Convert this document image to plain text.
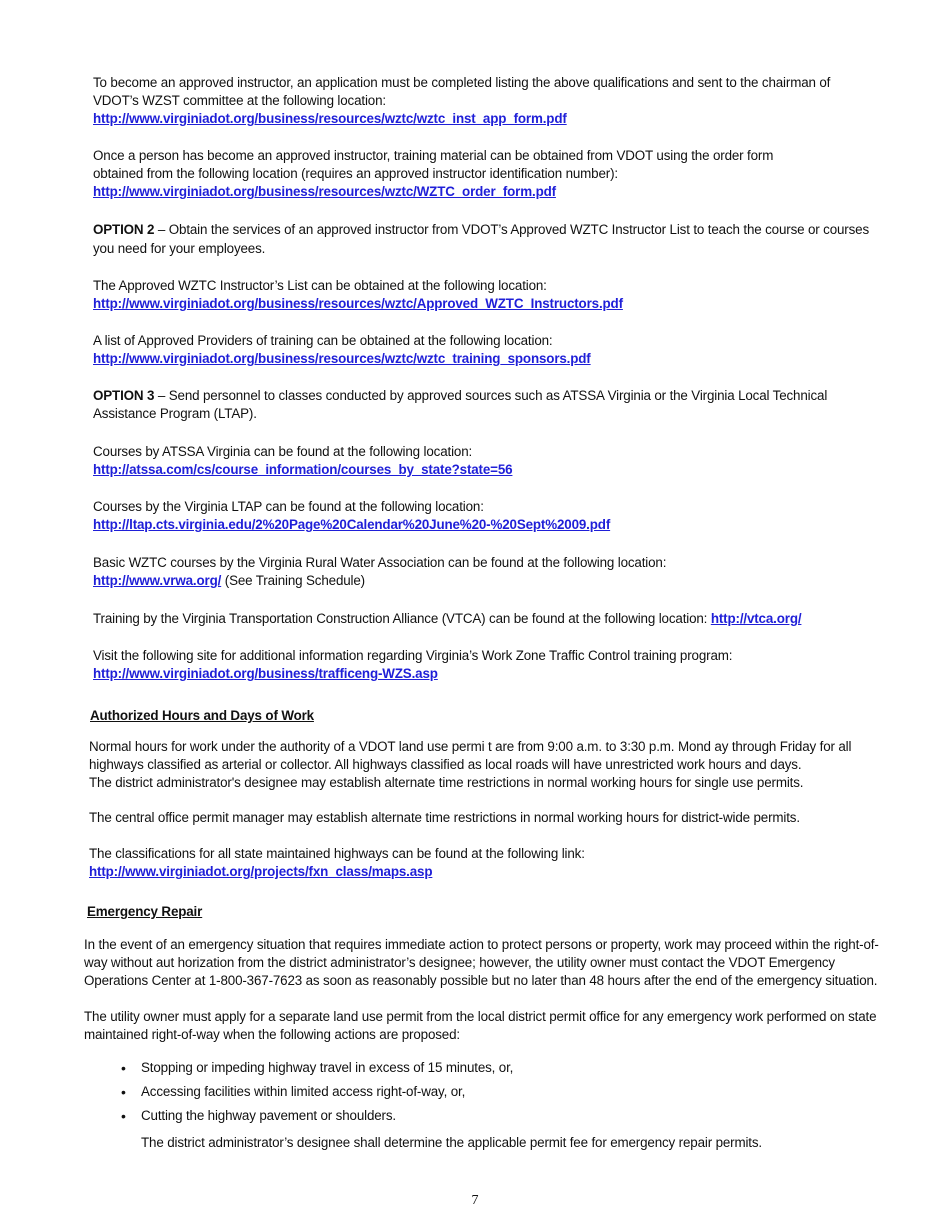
To become an approved instructor, an application must be completed listing the above qualifications and sent to the chairman of
VDOT’s WZST committee at the following location:
http://www.virginiadot.org/business/resources/wztc/wztc_inst_app_form.pdf
Once a person has become an approved instructor, training material can be obtained from VDOT using the order form
obtained from the following location (requires an approved instructor identification number):
http://www.virginiadot.org/business/resources/wztc/WZTC_order_form.pdf
OPTION 2 – Obtain the services of an approved instructor from VDOT’s Approved WZTC Instructor List to teach the course or courses
you need for your employees.
The Approved WZTC Instructor’s List can be obtained at the following location:
http://www.virginiadot.org/business/resources/wztc/Approved_WZTC_Instructors.pdf
A list of Approved Providers of training can be obtained at the following location:
http://www.virginiadot.org/business/resources/wztc/wztc_training_sponsors.pdf
OPTION 3 – Send personnel to classes conducted by approved sources such as ATSSA Virginia or the Virginia Local Technical
Assistance Program (LTAP).
Courses by ATSSA Virginia can be found at the following location:
http://atssa.com/cs/course_information/courses_by_state?state=56
Courses by the Virginia LTAP can be found at the following location:
http://ltap.cts.virginia.edu/2%20Page%20Calendar%20June%20-%20Sept%2009.pdf
Basic WZTC courses by the Virginia Rural Water Association can be found at the following location:
http://www.vrwa.org/ (See Training Schedule)
Training by the Virginia Transportation Construction Alliance (VTCA) can be found at the following location: http://vtca.org/
Visit the following site for additional information regarding Virginia’s Work Zone Traffic Control training program:
http://www.virginiadot.org/business/trafficeng-WZS.asp
Authorized Hours and Days of Work
Normal hours for work under the authority of a VDOT land use permi t are from 9:00 a.m. to 3:30 p.m. Mond ay through Friday for all
highways classified as arterial or collector. All highways classified as local roads will have unrestricted work hours and days.
The district administrator's designee may establish alternate time restrictions in normal working hours for single use permits.
The central office permit manager may establish alternate time restrictions in normal working hours for district-wide permits.
The classifications for all state maintained highways can be found at the following link:
http://www.virginiadot.org/projects/fxn_class/maps.asp
Emergency Repair
In the event of an emergency situation that requires immediate action to protect persons or property, work may proceed within the right-of-
way without aut horization from the district administrator’s designee; however, the utility owner must contact the VDOT Emergency
Operations Center at 1-800-367-7623 as soon as reasonably possible but no later than 48 hours after the end of the emergency situation.
The utility owner must apply for a separate land use permit from the local district permit office for any emergency work performed on state
maintained right-of-way when the following actions are proposed:
• Stopping or impeding highway travel in excess of 15 minutes, or,
• Accessing facilities within limited access right-of-way, or,
• Cutting the highway pavement or shoulders.
The district administrator’s designee shall determine the applicable permit fee for emergency repair permits.
7
